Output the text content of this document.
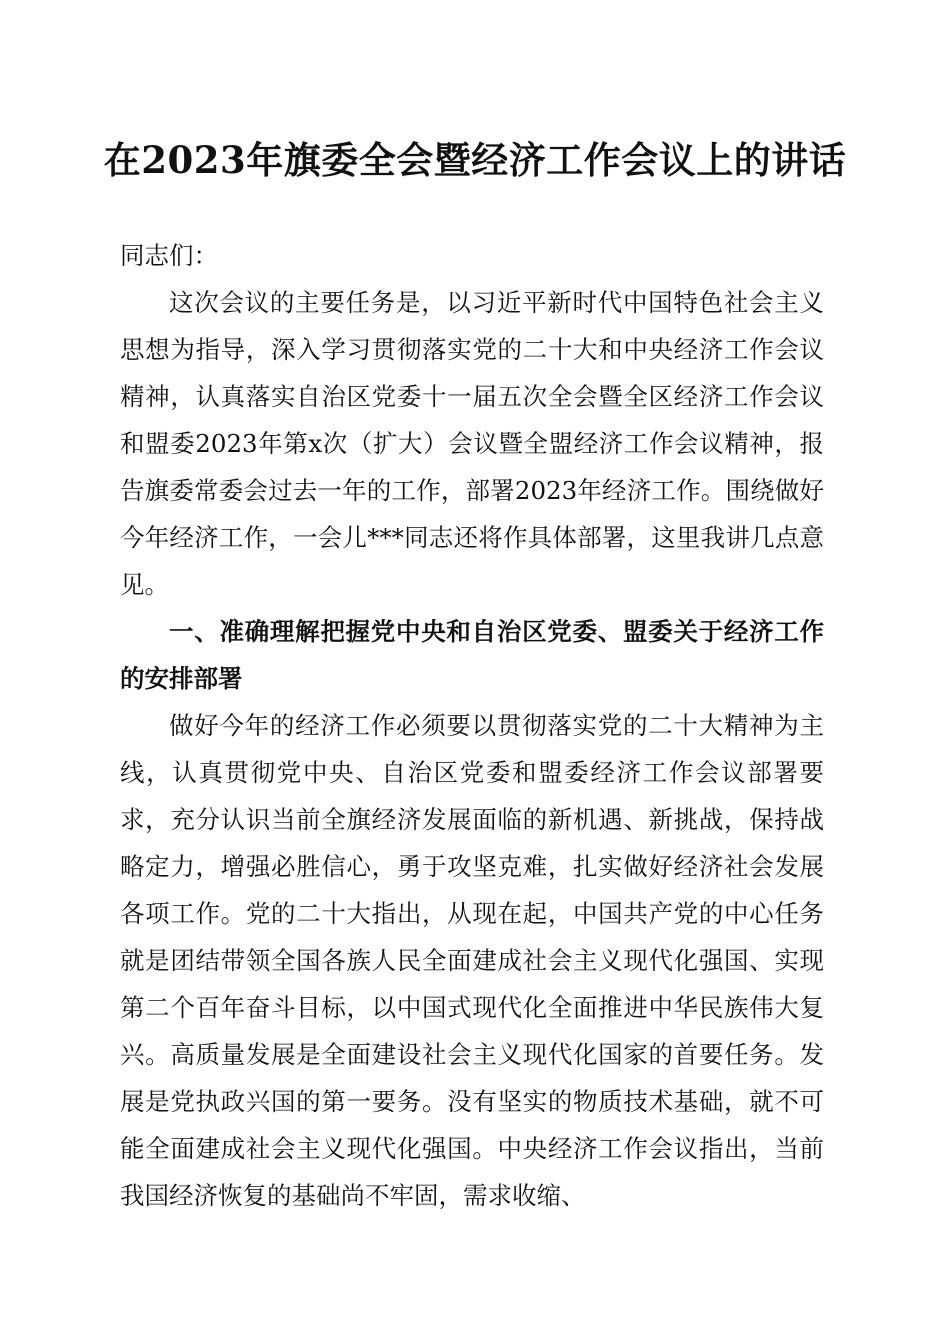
在2023年旗委全会暨经济工作会议上的讲话

同志们：

这次会议的主要任务是，以习近平新时代中国特色社会主义思想为指导，深入学习贯彻落实党的二十大和中央经济工作会议精神，认真落实自治区党委十一届五次全会暨全区经济工作会议和盟委2023年第x次（扩大）会议暨全盟经济工作会议精神，报告旗委常委会过去一年的工作，部署2023年经济工作。围绕做好今年经济工作，一会儿***同志还将作具体部署，这里我讲几点意见。

一、准确理解把握党中央和自治区党委、盟委关于经济工作的安排部署

做好今年的经济工作必须要以贯彻落实党的二十大精神为主线，认真贯彻党中央、自治区党委和盟委经济工作会议部署要求，充分认识当前全旗经济发展面临的新机遇、新挑战，保持战略定力，增强必胜信心，勇于攻坚克难，扎实做好经济社会发展各项工作。党的二十大指出，从现在起，中国共产党的中心任务就是团结带领全国各族人民全面建成社会主义现代化强国、实现第二个百年奋斗目标，以中国式现代化全面推进中华民族伟大复兴。高质量发展是全面建设社会主义现代化国家的首要任务。发展是党执政兴国的第一要务。没有坚实的物质技术基础，就不可能全面建成社会主义现代化强国。中央经济工作会议指出，当前我国经济恢复的基础尚不牢固，需求收缩、
